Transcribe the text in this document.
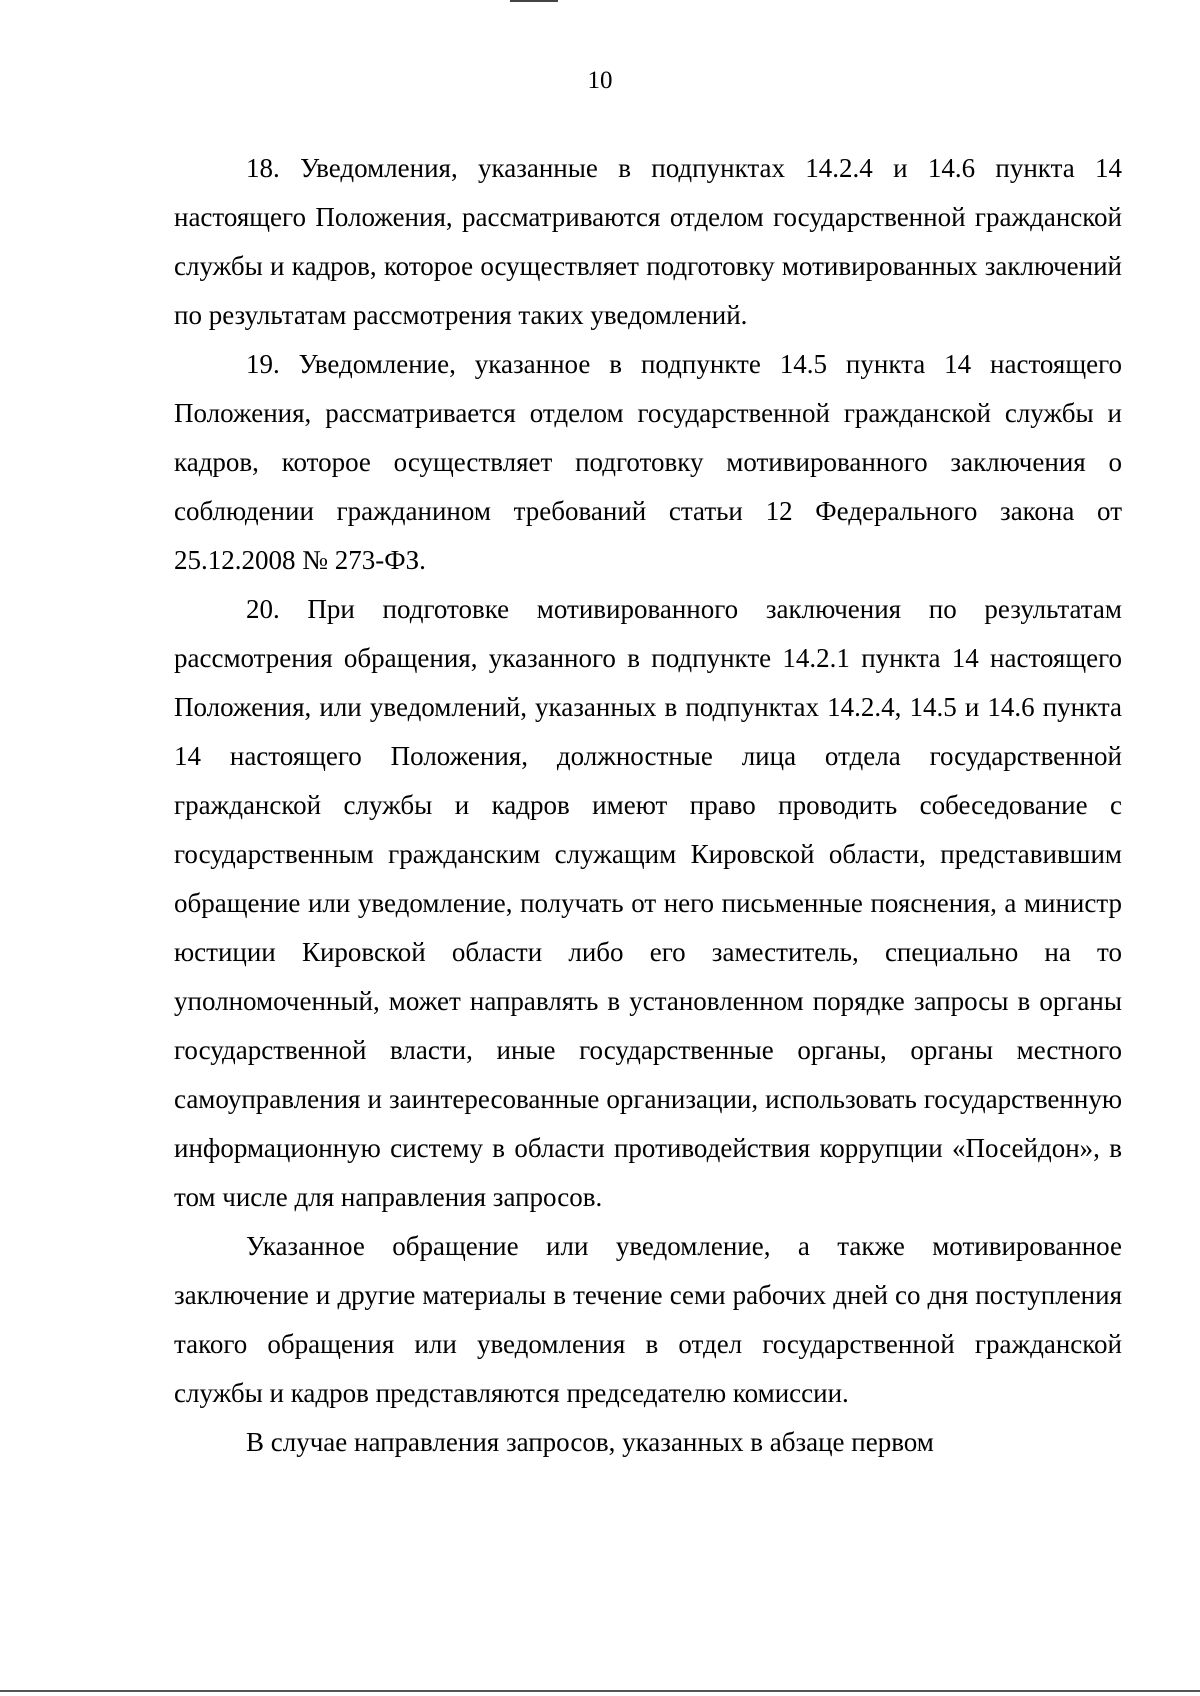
10

18. Уведомления, указанные в подпунктах 14.2.4 и 14.6 пункта 14 настоящего Положения, рассматриваются отделом государственной гражданской службы и кадров, которое осуществляет подготовку мотивированных заключений по результатам рассмотрения таких уведомлений.

19. Уведомление, указанное в подпункте 14.5 пункта 14 настоящего Положения, рассматривается отделом государственной гражданской службы и кадров, которое осуществляет подготовку мотивированного заключения о соблюдении гражданином требований статьи 12 Федерального закона от 25.12.2008 № 273-ФЗ.

20. При подготовке мотивированного заключения по результатам рассмотрения обращения, указанного в подпункте 14.2.1 пункта 14 настоящего Положения, или уведомлений, указанных в подпунктах 14.2.4, 14.5 и 14.6 пункта 14 настоящего Положения, должностные лица отдела государственной гражданской службы и кадров имеют право проводить собеседование с государственным гражданским служащим Кировской области, представившим обращение или уведомление, получать от него письменные пояснения, а министр юстиции Кировской области либо его заместитель, специально на то уполномоченный, может направлять в установленном порядке запросы в органы государственной власти, иные государственные органы, органы местного самоуправления и заинтересованные организации, использовать государственную информационную систему в области противодействия коррупции «Посейдон», в том числе для направления запросов.

Указанное обращение или уведомление, а также мотивированное заключение и другие материалы в течение семи рабочих дней со дня поступления такого обращения или уведомления в отдел государственной гражданской службы и кадров представляются председателю комиссии.

В случае направления запросов, указанных в абзаце первом
